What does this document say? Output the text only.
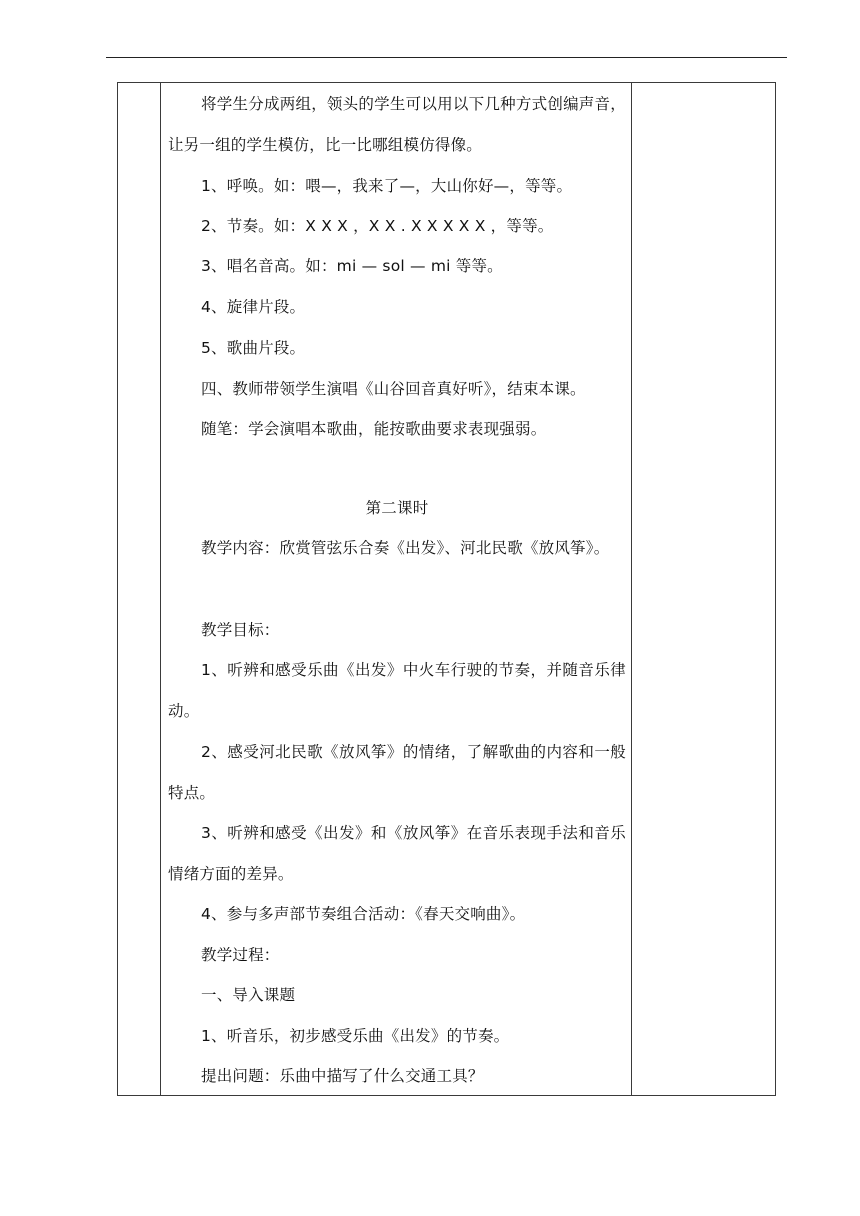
将学生分成两组，领头的学生可以用以下几种方式创编声音，让另一组的学生模仿，比一比哪组模仿得像。
1、呼唤。如：喂—，我来了—，大山你好—，等等。
2、节奏。如：X X X ，X X . X X X X X ，等等。
3、唱名音高。如：mi — sol — mi 等等。
4、旋律片段。
5、歌曲片段。
四、教师带领学生演唱《山谷回音真好听》，结束本课。
随笔：学会演唱本歌曲，能按歌曲要求表现强弱。
第二课时
教学内容：欣赏管弦乐合奏《出发》、河北民歌《放风筝》。
教学目标：
1、听辨和感受乐曲《出发》中火车行驶的节奏，并随音乐律动。
2、感受河北民歌《放风筝》的情绪，了解歌曲的内容和一般特点。
3、听辨和感受《出发》和《放风筝》在音乐表现手法和音乐情绪方面的差异。
4、参与多声部节奏组合活动：《春天交响曲》。
教学过程：
一、导入课题
1、听音乐，初步感受乐曲《出发》的节奏。
提出问题：乐曲中描写了什么交通工具？
